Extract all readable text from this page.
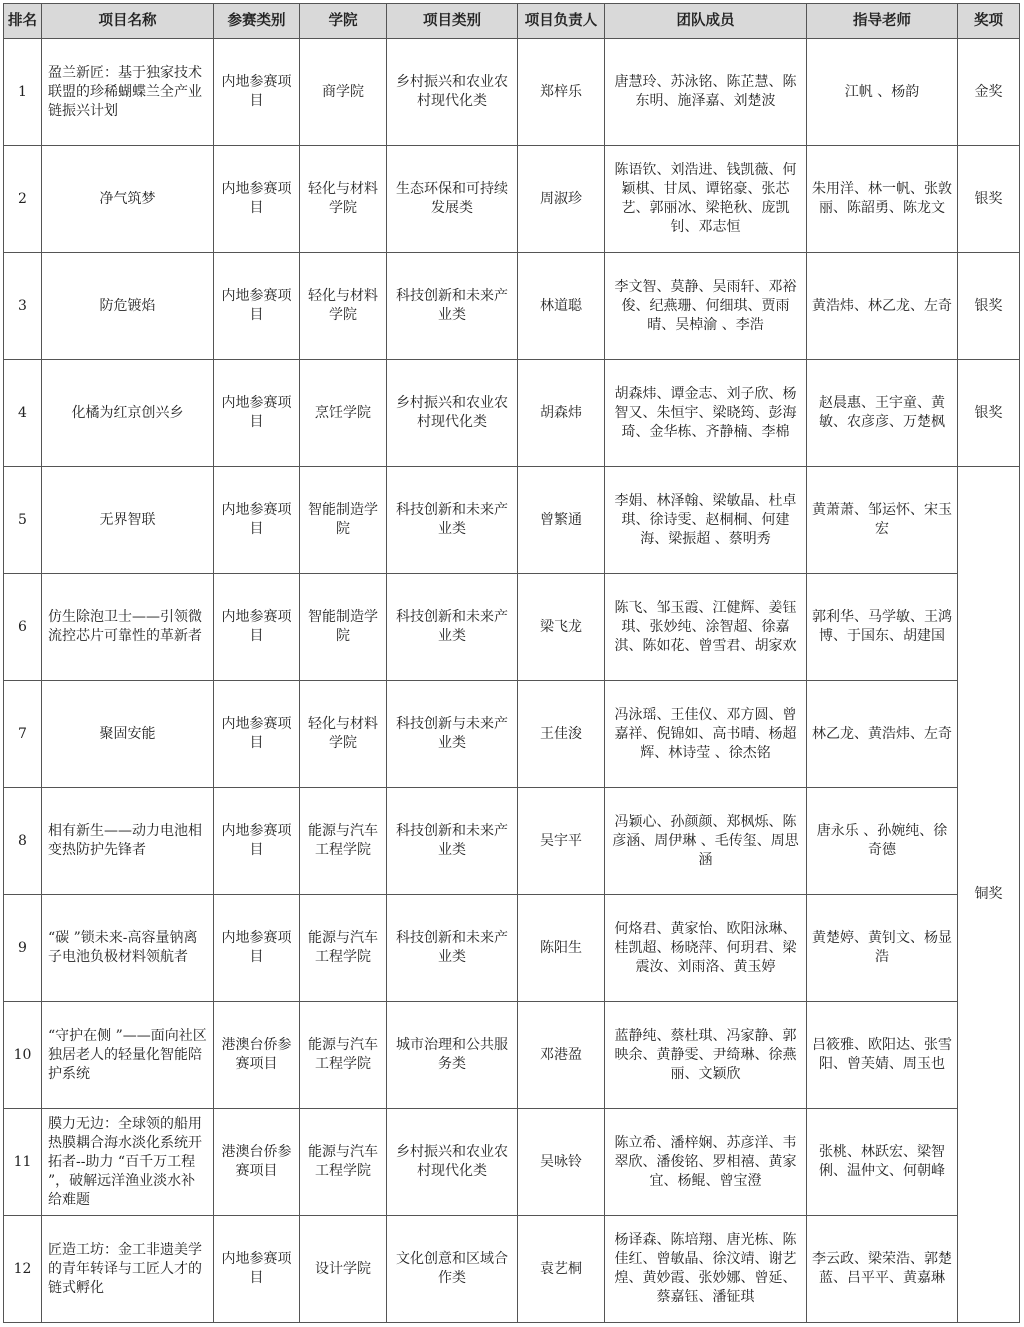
排名	项目名称	参赛类别	学院	项目类别	项目负责人	团队成员	指导老师	奖项
1	盈兰新匠：基于独家技术联盟的珍稀蝴蝶兰全产业链振兴计划	内地参赛项目	商学院	乡村振兴和农业农村现代化类	郑梓乐	唐慧玲、苏泳铭、陈芷慧、陈东明、施泽嘉、刘楚波	江帆 、杨韵	金奖
2	净气筑梦	内地参赛项目	轻化与材料学院	生态环保和可持续发展类	周淑珍	陈语钦、刘浩进、钱凯薇、何颖棋、甘凤、谭铭豪、张芯艺、郭丽冰、梁艳秋、庞凯钊、邓志恒	朱用洋、林一帆、张敦丽、陈韶勇、陈龙文	银奖
3	防危镀焰	内地参赛项目	轻化与材料学院	科技创新和未来产业类	林道聪	李文智、莫静、吴雨轩、邓裕俊、纪燕珊、何细琪、贾雨晴、吴棹渝 、李浩	黄浩炜、林乙龙、左奇	银奖
4	化橘为红京创兴乡	内地参赛项目	烹饪学院	乡村振兴和农业农村现代化类	胡森炜	胡森炜、谭金志、刘子欣、杨智又、朱恒宇、梁晓筠、彭海琦、金华栋、齐静楠、李棉	赵晨惠、王宇童、黄敏、农彦彦、万楚枫	银奖
5	无界智联	内地参赛项目	智能制造学院	科技创新和未来产业类	曾繁通	李娟、林泽翰、梁敏晶、杜卓琪、徐诗雯、赵桐桐、何建海、梁振超 、蔡明秀	黄萧萧、邹运怀、宋玉宏	铜奖
6	仿生除泡卫士——引领微流控芯片可靠性的革新者	内地参赛项目	智能制造学院	科技创新和未来产业类	梁飞龙	陈飞、邹玉霞、江健辉、姜钰琪、张妙纯、涂智超、徐嘉淇、陈如花、曾雪君、胡家欢	郭利华、马学敏、王鸿博、于国东、胡建国	
7	聚固安能	内地参赛项目	轻化与材料学院	科技创新与未来产业类	王佳浚	冯泳瑶、王佳仪、邓方圆、曾嘉祥、倪锦如、高书晴、杨超辉、林诗莹 、徐杰铭	林乙龙、黄浩炜、左奇	
8	相有新生——动力电池相变热防护先锋者	内地参赛项目	能源与汽车工程学院	科技创新和未来产业类	吴宇平	冯颖心、孙颜颜、郑枫烁、陈彦涵、周伊琳 、毛传玺、周思涵	唐永乐 、孙婉纯、徐奇德	
9	“碳 ”锁未来-高容量钠离子电池负极材料领航者	内地参赛项目	能源与汽车工程学院	科技创新和未来产业类	陈阳生	何烙君、黄家怡、欧阳泳琳、桂凯超、杨晓萍、何玥君、梁震汝、刘雨洛、黄玉婷	黄楚婷、黄钊文、杨显浩	
10	“守护在侧 ”——面向社区独居老人的轻量化智能陪护系统	港澳台侨参赛项目	能源与汽车工程学院	城市治理和公共服务类	邓港盈	蓝静纯、蔡杜琪、冯家静、郭映余、黄静雯、尹绮琳、徐燕丽、文颖欣	吕筱雅、欧阳达、张雪阳、曾芙婧、周玉也	
11	膜力无边：全球领的船用热膜耦合海水淡化系统开拓者--助力 “百千万工程 ”，破解远洋渔业淡水补给难题	港澳台侨参赛项目	能源与汽车工程学院	乡村振兴和农业农村现代化类	吴咏铃	陈立希、潘梓娴、苏彦洋、韦翠欣、潘俊铭、罗相禧、黄家宜、杨鲲、曾宝澄	张桃、林跃宏、梁智俐、温仲文、何朝峰	
12	匠造工坊：金工非遗美学的青年转译与工匠人才的链式孵化	内地参赛项目	设计学院	文化创意和区域合作类	袁艺桐	杨译森、陈培翔、唐光栋、陈佳红、曾敏晶、徐汶靖、谢艺煌、黄妙霞、张妙娜、曾延、蔡嘉钰、潘钲琪	李云政、梁荣浩、郭楚蓝、吕平平、黄嘉琳	
